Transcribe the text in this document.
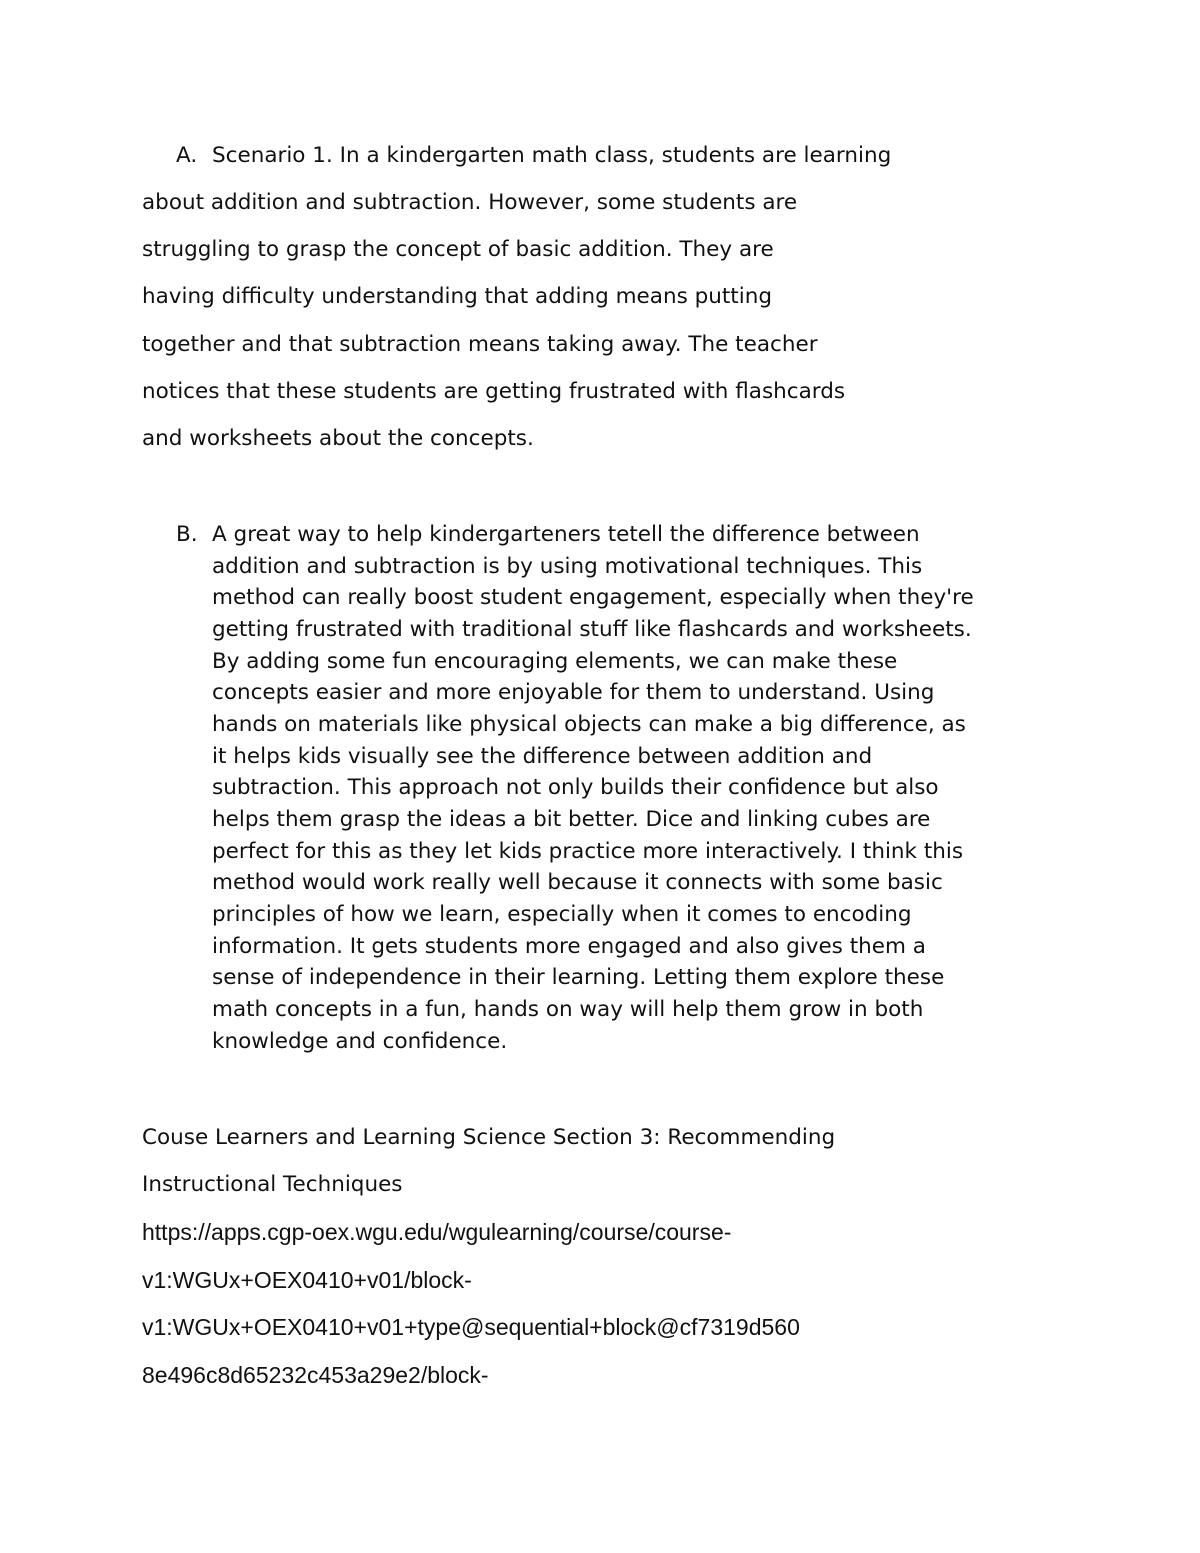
A. Scenario 1. In a kindergarten math class, students are learning
about addition and subtraction. However, some students are
struggling to grasp the concept of basic addition. They are
having difficulty understanding that adding means putting
together and that subtraction means taking away. The teacher
notices that these students are getting frustrated with flashcards
and worksheets about the concepts.
B. A great way to help kindergarteners tetell the difference between
addition and subtraction is by using motivational techniques. This
method can really boost student engagement, especially when they're
getting frustrated with traditional stuff like flashcards and worksheets.
By adding some fun encouraging elements, we can make these
concepts easier and more enjoyable for them to understand. Using
hands on materials like physical objects can make a big difference, as
it helps kids visually see the difference between addition and
subtraction. This approach not only builds their confidence but also
helps them grasp the ideas a bit better. Dice and linking cubes are
perfect for this as they let kids practice more interactively. I think this
method would work really well because it connects with some basic
principles of how we learn, especially when it comes to encoding
information. It gets students more engaged and also gives them a
sense of independence in their learning. Letting them explore these
math concepts in a fun, hands on way will help them grow in both
knowledge and confidence.
Couse Learners and Learning Science Section 3: Recommending
Instructional Techniques
https://apps.cgp-oex.wgu.edu/wgulearning/course/course-
v1:WGUx+OEX0410+v01/block-
v1:WGUx+OEX0410+v01+type@sequential+block@cf7319d560
8e496c8d65232c453a29e2/block-
